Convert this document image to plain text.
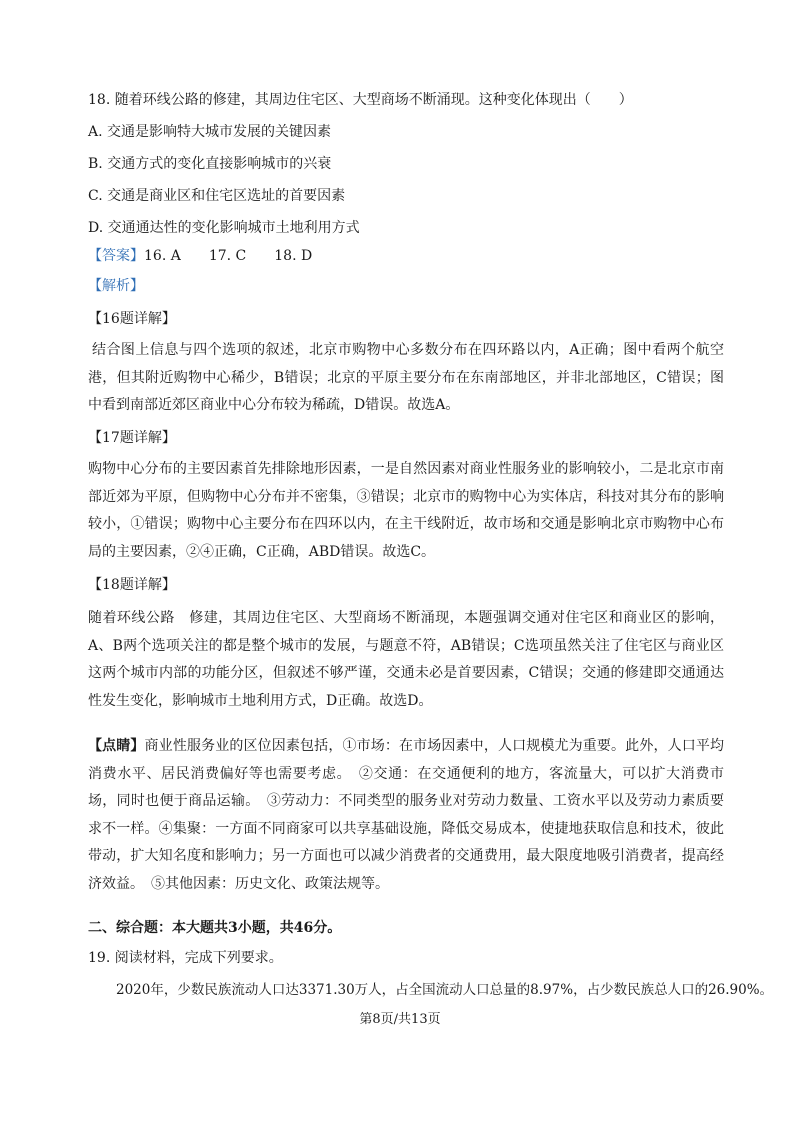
18. 随着环线公路的修建，其周边住宅区、大型商场不断涌现。这种变化体现出（　　）
A. 交通是影响特大城市发展的关键因素
B. 交通方式的变化直接影响城市的兴衰
C. 交通是商业区和住宅区选址的首要因素
D. 交通通达性的变化影响城市土地利用方式
【答案】16. A　　17. C　　18. D
【解析】
【16题详解】
结合图上信息与四个选项的叙述，北京市购物中心多数分布在四环路以内，A正确；图中看两个航空港，但其附近购物中心稀少，B错误；北京的平原主要分布在东南部地区，并非北部地区，C错误；图中看到南部近郊区商业中心分布较为稀疏，D错误。故选A。
【17题详解】
购物中心分布的主要因素首先排除地形因素，一是自然因素对商业性服务业的影响较小，二是北京市南部近郊为平原，但购物中心分布并不密集，③错误；北京市的购物中心为实体店，科技对其分布的影响较小，①错误；购物中心主要分布在四环以内，在主干线附近，故市场和交通是影响北京市购物中心布局的主要因素，②④正确，C正确，ABD错误。故选C。
【18题详解】
随着环线公路　修建，其周边住宅区、大型商场不断涌现，本题强调交通对住宅区和商业区的影响，A、B两个选项关注的都是整个城市的发展，与题意不符，AB错误；C选项虽然关注了住宅区与商业区这两个城市内部的功能分区，但叙述不够严谨，交通未必是首要因素，C错误；交通的修建即交通通达性发生变化，影响城市土地利用方式，D正确。故选D。
【点睛】商业性服务业的区位因素包括，①市场：在市场因素中，人口规模尤为重要。此外，人口平均消费水平、居民消费偏好等也需要考虑。　②交通：在交通便利的地方，客流量大，可以扩大消费市场，同时也便于商品运输。　③劳动力：不同类型的服务业对劳动力数量、工资水平以及劳动力素质要求不一样。④集聚：一方面不同商家可以共享基础设施，降低交易成本，使捷地获取信息和技术，彼此带动，扩大知名度和影响力；另一方面也可以减少消费者的交通费用，最大限度地吸引消费者，提高经济效益。　⑤其他因素：历史文化、政策法规等。
二、综合题：本大题共3小题，共46分。
19. 阅读材料，完成下列要求。
2020年，少数民族流动人口达3371.30万人，占全国流动人口总量的8.97%，占少数民族总人口的26.90%。
第8页/共13页
